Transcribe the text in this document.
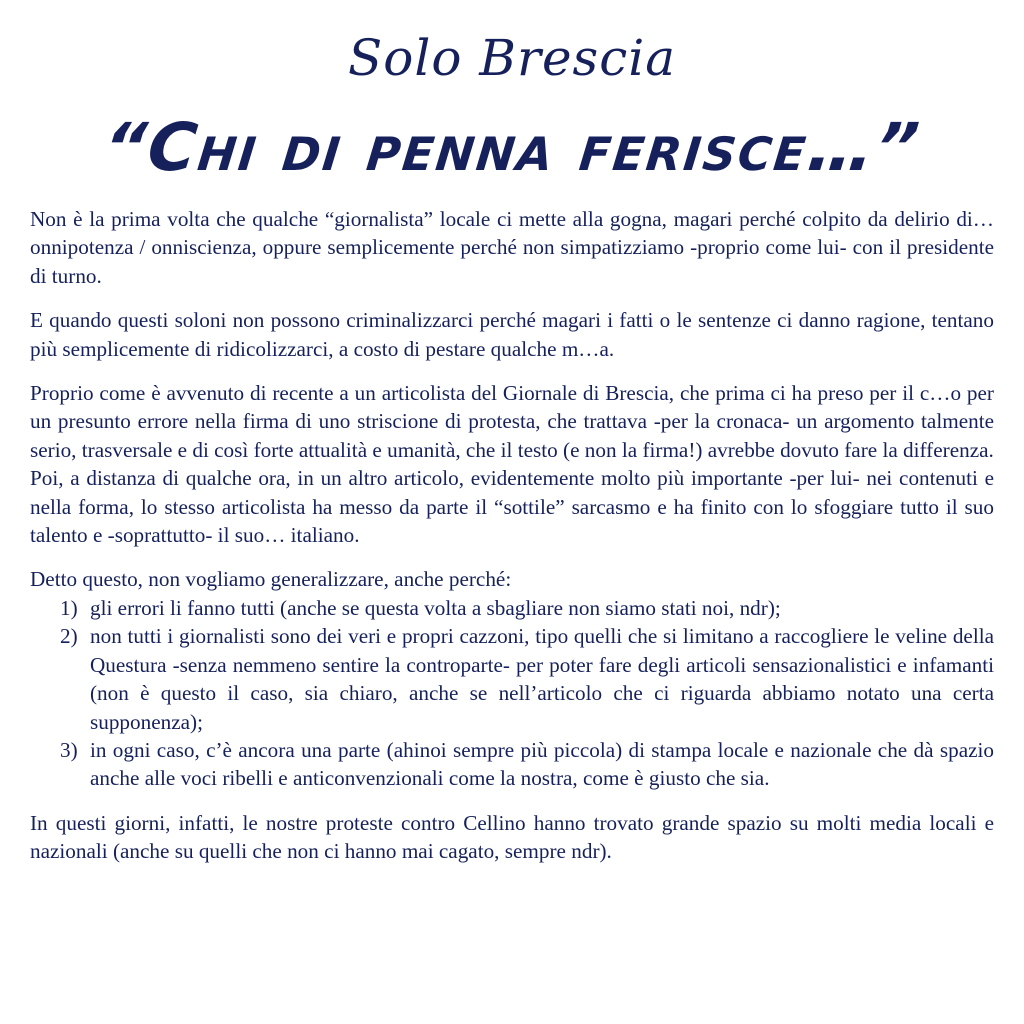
Solo Brescia
“Chi di penna ferisce…”

Non è la prima volta che qualche “giornalista” locale ci mette alla gogna, magari perché colpito da delirio di… onnipotenza / onniscienza, oppure semplicemente perché non simpatizziamo -proprio come lui- con il presidente di turno.

E quando questi soloni non possono criminalizzarci perché magari i fatti o le sentenze ci danno ragione, tentano più semplicemente di ridicolizzarci, a costo di pestare qualche m…a.

Proprio come è avvenuto di recente a un articolista del Giornale di Brescia, che prima ci ha preso per il c…o per un presunto errore nella firma di uno striscione di protesta, che trattava -per la cronaca- un argomento talmente serio, trasversale e di così forte attualità e umanità, che il testo (e non la firma!) avrebbe dovuto fare la differenza.

Poi, a distanza di qualche ora, in un altro articolo, evidentemente molto più importante -per lui- nei contenuti e nella forma, lo stesso articolista ha messo da parte il “sottile” sarcasmo e ha finito con lo sfoggiare tutto il suo talento e -soprattutto- il suo… italiano.

Detto questo, non vogliamo generalizzare, anche perché:

1) gli errori li fanno tutti (anche se questa volta a sbagliare non siamo stati noi, ndr);
2) non tutti i giornalisti sono dei veri e propri cazzoni, tipo quelli che si limitano a raccogliere le veline della Questura -senza nemmeno sentire la controparte- per poter fare degli articoli sensazionalistici e infamanti (non è questo il caso, sia chiaro, anche se nell’articolo che ci riguarda abbiamo notato una certa supponenza);
3) in ogni caso, c’è ancora una parte (ahinoi sempre più piccola) di stampa locale e nazionale che dà spazio anche alle voci ribelli e anticonvenzionali come la nostra, come è giusto che sia.

In questi giorni, infatti, le nostre proteste contro Cellino hanno trovato grande spazio su molti media locali e nazionali (anche su quelli che non ci hanno mai cagato, sempre ndr).
